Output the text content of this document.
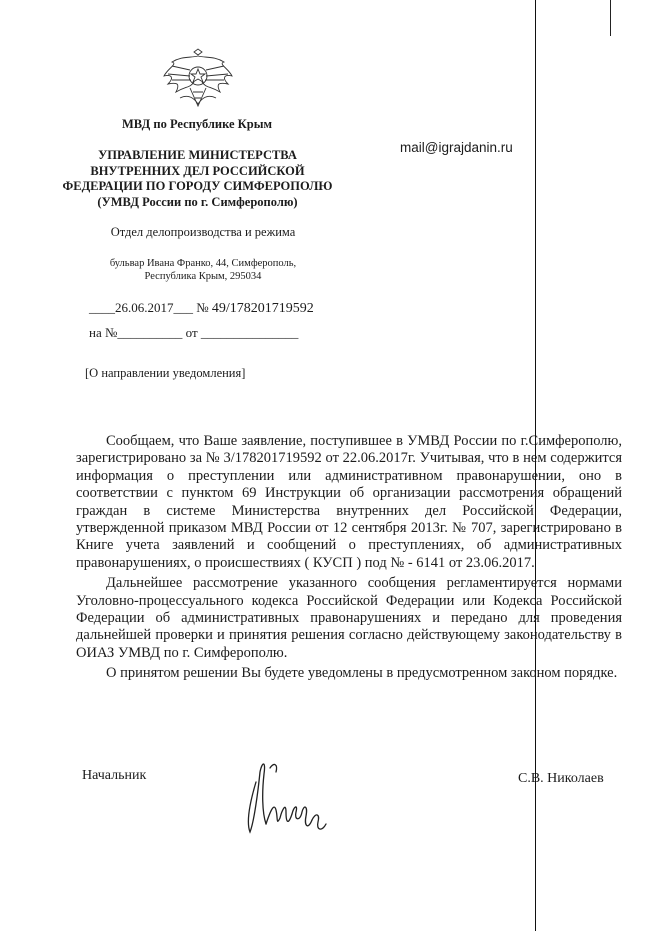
МВД по Республике Крым
УПРАВЛЕНИЕ МИНИСТЕРСТВА
ВНУТРЕННИХ ДЕЛ РОССИЙСКОЙ
ФЕДЕРАЦИИ ПО ГОРОДУ СИМФЕРОПОЛЮ
(УМВД России по г. Симферополю)
Отдел делопроизводства и режима
бульвар Ивана Франко, 44, Симферополь,
Республика Крым, 295034
mail@igrajdanin.ru
____26.06.2017___ № 49/178201719592
на №__________ от _______________
[О направлении уведомления]

Сообщаем, что Ваше заявление, поступившее в УМВД России по г.Симферополю, зарегистрировано за № 3/178201719592 от 22.06.2017г. Учитывая, что в нем содержится информация о преступлении или административном правонарушении, оно в соответствии с пунктом 69 Инструкции об организации рассмотрения обращений граждан в системе Министерства внутренних дел Российской Федерации, утвержденной приказом МВД России от 12 сентября 2013г. № 707, зарегистрировано в Книге учета заявлений и сообщений о преступлениях, об административных правонарушениях, о происшествиях ( КУСП ) под № - 6141 от 23.06.2017.

Дальнейшее рассмотрение указанного сообщения регламентируется нормами Уголовно-процессуального кодекса Российской Федерации или Кодекса Российской Федерации об административных правонарушениях и передано для проведения дальнейшей проверки и принятия решения согласно действующему законодательству в ОИАЗ УМВД по г. Симферополю.

О принятом решении Вы будете уведомлены в предусмотренном законом порядке.

Начальник	С.В. Николаев
